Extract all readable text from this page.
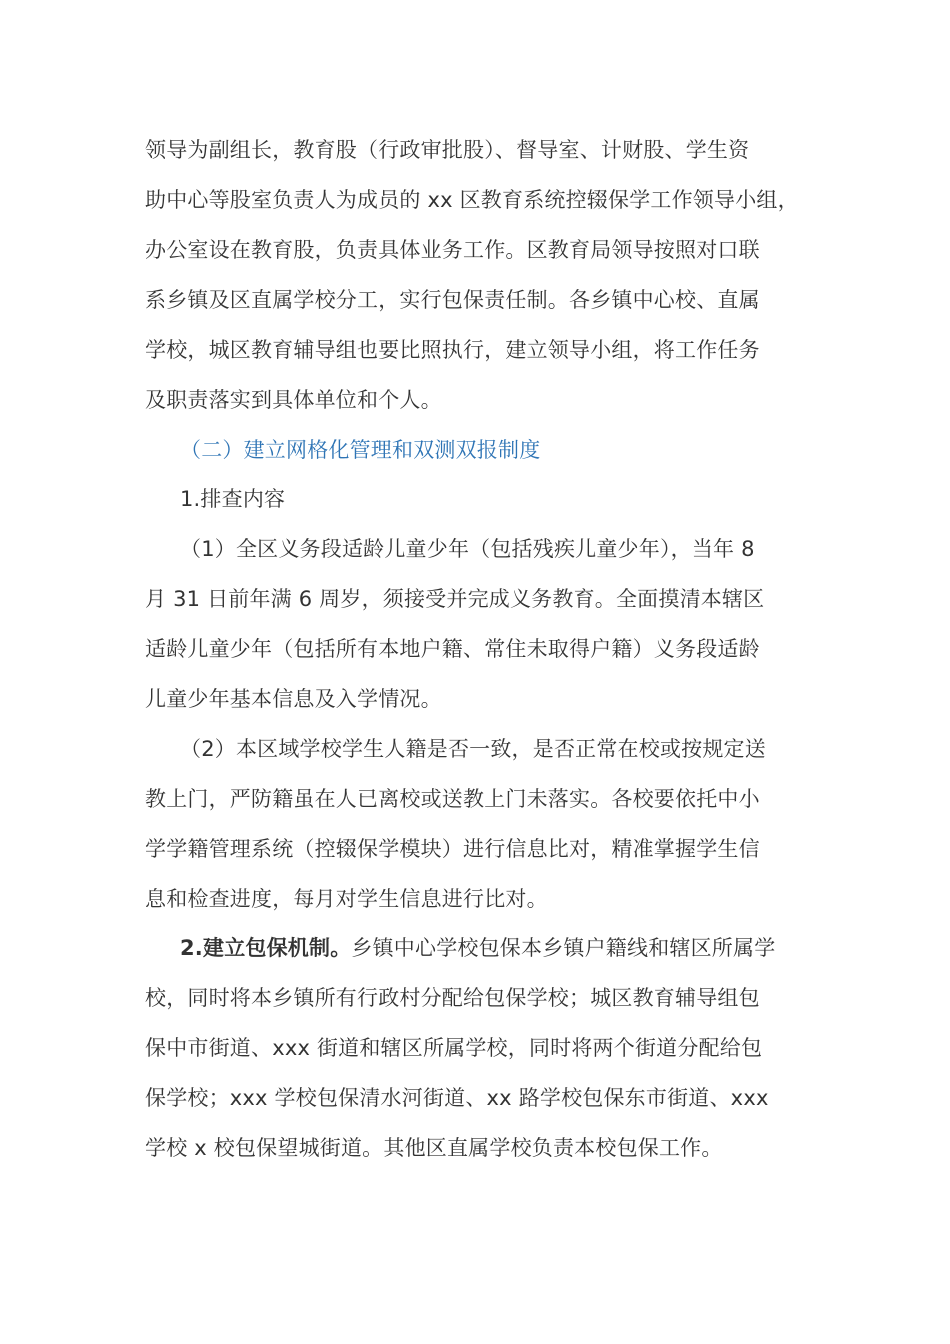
领导为副组长，教育股（行政审批股）、督导室、计财股、学生资
助中心等股室负责人为成员的 xx 区教育系统控辍保学工作领导小组，
办公室设在教育股，负责具体业务工作。区教育局领导按照对口联
系乡镇及区直属学校分工，实行包保责任制。各乡镇中心校、直属
学校，城区教育辅导组也要比照执行，建立领导小组，将工作任务
及职责落实到具体单位和个人。
（二）建立网格化管理和双测双报制度
1.排查内容
（1）全区义务段适龄儿童少年（包括残疾儿童少年），当年 8
月 31 日前年满 6 周岁，须接受并完成义务教育。全面摸清本辖区
适龄儿童少年（包括所有本地户籍、常住未取得户籍）义务段适龄
儿童少年基本信息及入学情况。
（2）本区域学校学生人籍是否一致，是否正常在校或按规定送
教上门，严防籍虽在人已离校或送教上门未落实。各校要依托中小
学学籍管理系统（控辍保学模块）进行信息比对，精准掌握学生信
息和检查进度，每月对学生信息进行比对。
2.建立包保机制。乡镇中心学校包保本乡镇户籍线和辖区所属学
校，同时将本乡镇所有行政村分配给包保学校；城区教育辅导组包
保中市街道、xxx 街道和辖区所属学校，同时将两个街道分配给包
保学校；xxx 学校包保清水河街道、xx 路学校包保东市街道、xxx
学校 x 校包保望城街道。其他区直属学校负责本校包保工作。
